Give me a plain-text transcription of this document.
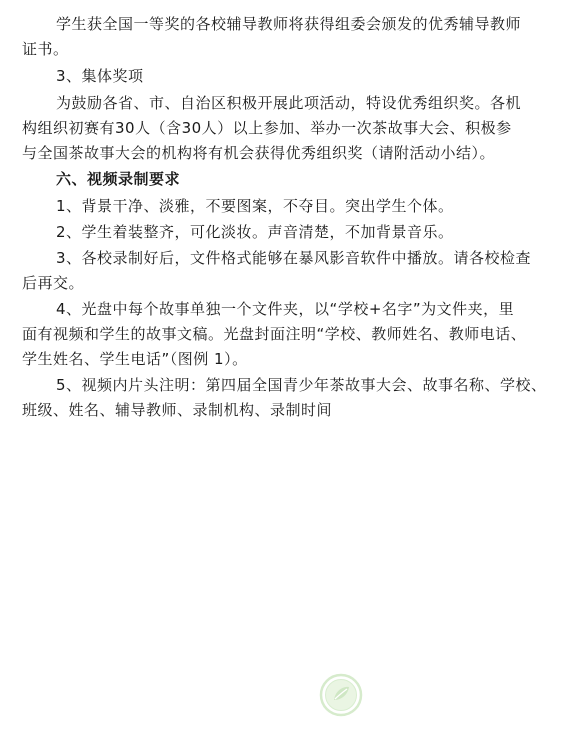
学生获全国一等奖的各校辅导教师将获得组委会颁发的优秀辅导教师
证书。
3、集体奖项
为鼓励各省、市、自治区积极开展此项活动，特设优秀组织奖。各机
构组织初赛有30人（含30人）以上参加、举办一次茶故事大会、积极参
与全国茶故事大会的机构将有机会获得优秀组织奖（请附活动小结）。
六、视频录制要求
1、背景干净、淡雅，不要图案，不夺目。突出学生个体。
2、学生着装整齐，可化淡妆。声音清楚，不加背景音乐。
3、各校录制好后，文件格式能够在暴风影音软件中播放。请各校检查
后再交。
4、光盘中每个故事单独一个文件夹，以“学校+名字”为文件夹，里
面有视频和学生的故事文稿。光盘封面注明“学校、教师姓名、教师电话、
学生姓名、学生电话”（图例 1）。
5、视频内片头注明：第四届全国青少年茶故事大会、故事名称、学校、
班级、姓名、辅导教师、录制机构、录制时间
